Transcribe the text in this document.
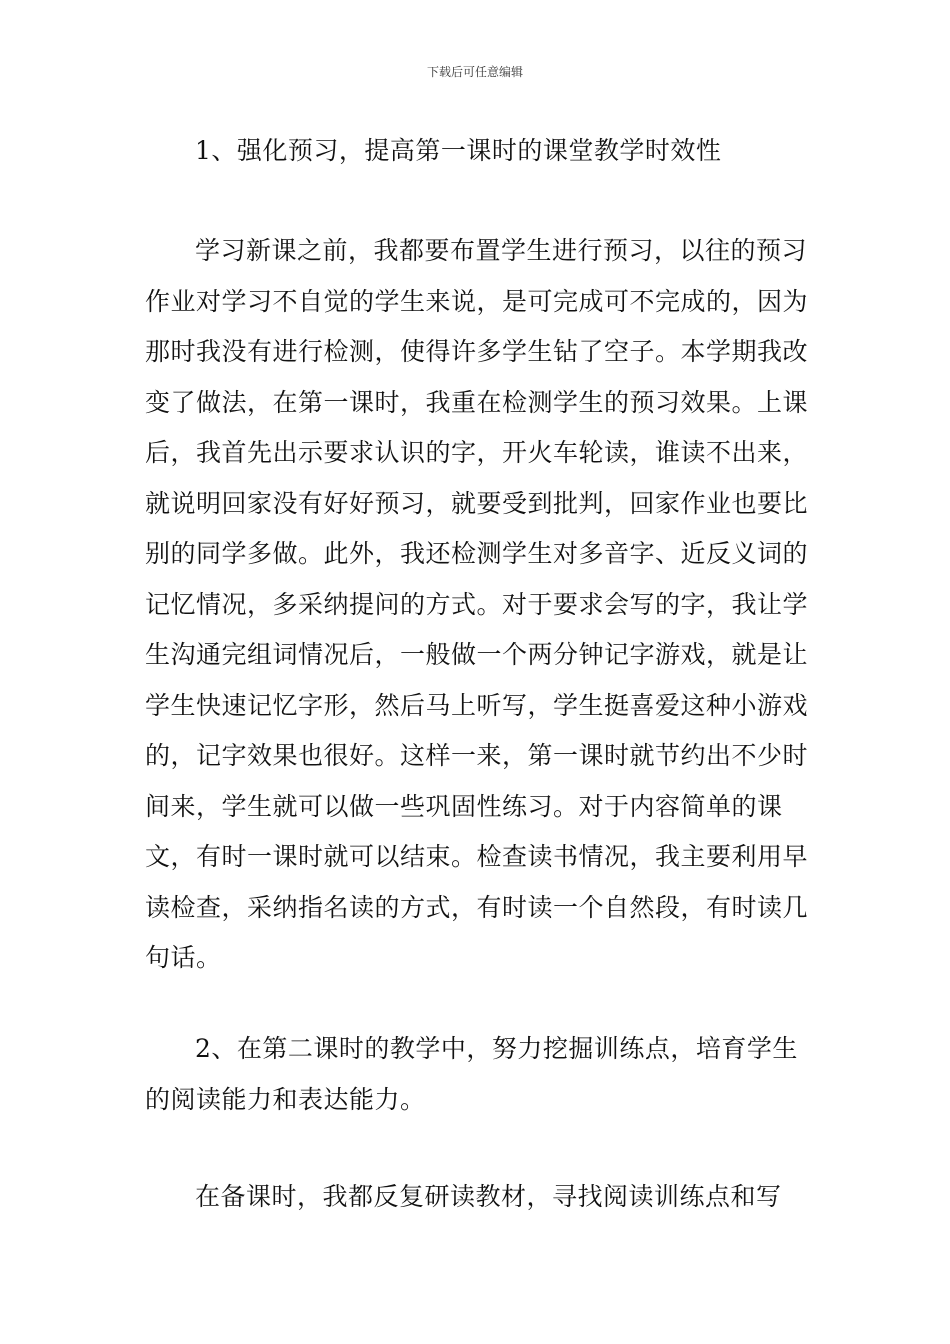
下载后可任意编辑

1、强化预习，提高第一课时的课堂教学时效性

学习新课之前，我都要布置学生进行预习，以往的预习作业对学习不自觉的学生来说，是可完成可不完成的，因为那时我没有进行检测，使得许多学生钻了空子。本学期我改变了做法，在第一课时，我重在检测学生的预习效果。上课后，我首先出示要求认识的字，开火车轮读，谁读不出来，就说明回家没有好好预习，就要受到批判，回家作业也要比别的同学多做。此外，我还检测学生对多音字、近反义词的记忆情况，多采纳提问的方式。对于要求会写的字，我让学生沟通完组词情况后，一般做一个两分钟记字游戏，就是让学生快速记忆字形，然后马上听写，学生挺喜爱这种小游戏的，记字效果也很好。这样一来，第一课时就节约出不少时间来，学生就可以做一些巩固性练习。对于内容简单的课文，有时一课时就可以结束。检查读书情况，我主要利用早读检查，采纳指名读的方式，有时读一个自然段，有时读几句话。

2、在第二课时的教学中，努力挖掘训练点，培育学生的阅读能力和表达能力。

在备课时，我都反复研读教材，寻找阅读训练点和写
